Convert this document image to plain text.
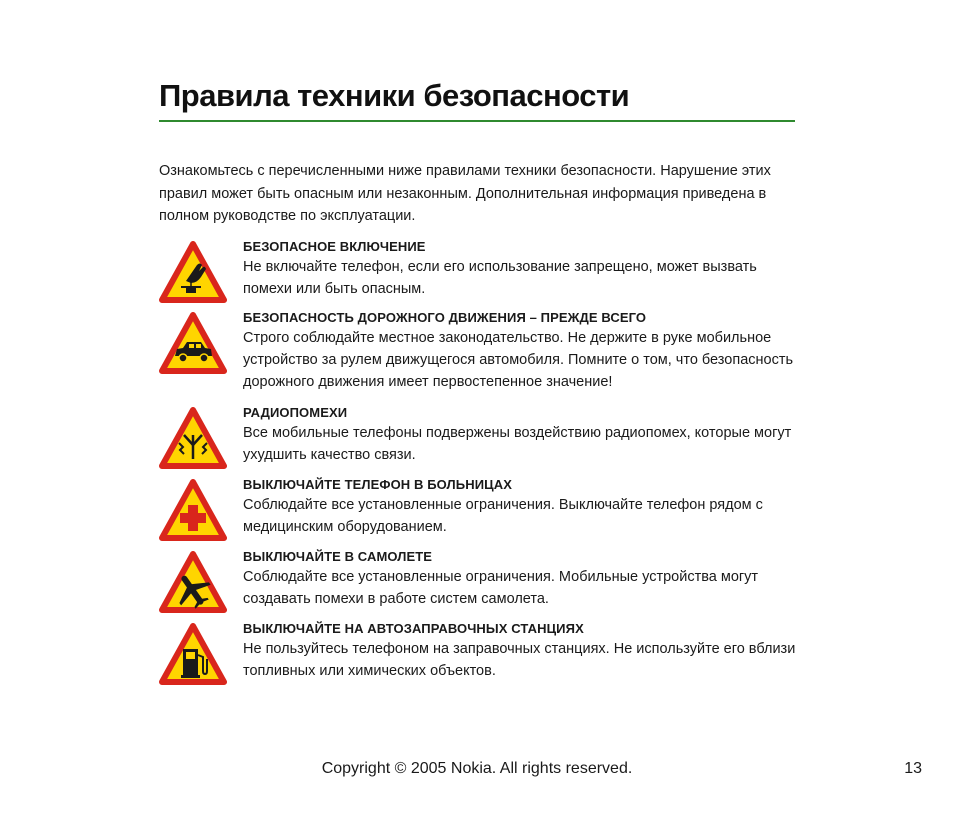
Правила техники безопасности

Ознакомьтесь с перечисленными ниже правилами техники безопасности. Нарушение этих правил может быть опасным или незаконным. Дополнительная информация приведена в полном руководстве по эксплуатации.

БЕЗОПАСНОЕ ВКЛЮЧЕНИЕ

Не включайте телефон, если его использование запрещено, может вызвать помехи или быть опасным.

БЕЗОПАСНОСТЬ ДОРОЖНОГО ДВИЖЕНИЯ – ПРЕЖДЕ ВСЕГО

Строго соблюдайте местное законодательство. Не держите в руке мобильное устройство за рулем движущегося автомобиля. Помните о том, что безопасность дорожного движения имеет первостепенное значение!

РАДИОПОМЕХИ

Все мобильные телефоны подвержены воздействию радиопомех, которые могут ухудшить качество связи.

ВЫКЛЮЧАЙТЕ ТЕЛЕФОН В БОЛЬНИЦАХ

Соблюдайте все установленные ограничения. Выключайте телефон рядом с медицинским оборудованием.

ВЫКЛЮЧАЙТЕ В САМОЛЕТЕ

Соблюдайте все установленные ограничения. Мобильные устройства могут создавать помехи в работе систем самолета.

ВЫКЛЮЧАЙТЕ НА АВТОЗАПРАВОЧНЫХ СТАНЦИЯХ

Не пользуйтесь телефоном на заправочных станциях. Не используйте его вблизи топливных или химических объектов.

Copyright © 2005 Nokia. All rights reserved.	13
